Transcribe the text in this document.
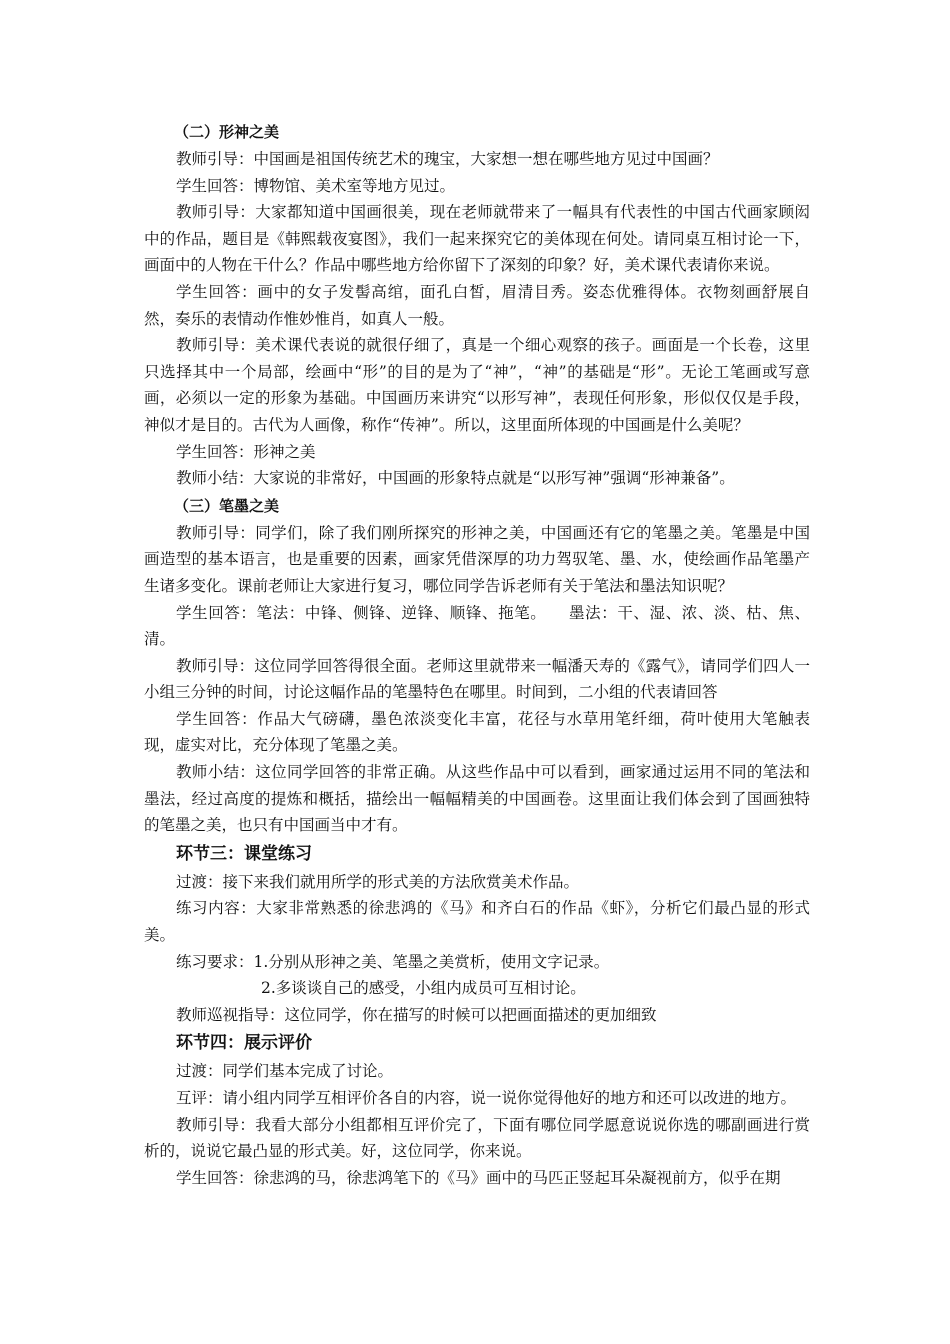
（二）形神之美

教师引导：中国画是祖国传统艺术的瑰宝，大家想一想在哪些地方见过中国画？

学生回答：博物馆、美术室等地方见过。

教师引导：大家都知道中国画很美，现在老师就带来了一幅具有代表性的中国古代画家顾闳中的作品，题目是《韩熙载夜宴图》，我们一起来探究它的美体现在何处。请同桌互相讨论一下，画面中的人物在干什么？作品中哪些地方给你留下了深刻的印象？好，美术课代表请你来说。

学生回答：画中的女子发髻高绾，面孔白皙，眉清目秀。姿态优雅得体。衣物刻画舒展自然，奏乐的表情动作惟妙惟肖，如真人一般。

教师引导：美术课代表说的就很仔细了，真是一个细心观察的孩子。画面是一个长卷，这里只选择其中一个局部，绘画中“形”的目的是为了“神”，“神”的基础是“形”。无论工笔画或写意画，必须以一定的形象为基础。中国画历来讲究“以形写神”，表现任何形象，形似仅仅是手段，神似才是目的。古代为人画像，称作“传神”。所以，这里面所体现的中国画是什么美呢？

学生回答：形神之美

教师小结：大家说的非常好，中国画的形象特点就是“以形写神”强调“形神兼备”。

（三）笔墨之美

教师引导：同学们，除了我们刚所探究的形神之美，中国画还有它的笔墨之美。笔墨是中国画造型的基本语言，也是重要的因素，画家凭借深厚的功力驾驭笔、墨、水，使绘画作品笔墨产生诸多变化。课前老师让大家进行复习，哪位同学告诉老师有关于笔法和墨法知识呢？

学生回答：笔法：中锋、侧锋、逆锋、顺锋、拖笔。 墨法：干、湿、浓、淡、枯、焦、清。

教师引导：这位同学回答得很全面。老师这里就带来一幅潘天寿的《露气》，请同学们四人一小组三分钟的时间，讨论这幅作品的笔墨特色在哪里。时间到，二小组的代表请回答

学生回答：作品大气磅礴，墨色浓淡变化丰富，花径与水草用笔纤细，荷叶使用大笔触表现，虚实对比，充分体现了笔墨之美。

教师小结：这位同学回答的非常正确。从这些作品中可以看到，画家通过运用不同的笔法和墨法，经过高度的提炼和概括，描绘出一幅幅精美的中国画卷。这里面让我们体会到了国画独特的笔墨之美，也只有中国画当中才有。

环节三：课堂练习

过渡：接下来我们就用所学的形式美的方法欣赏美术作品。

练习内容：大家非常熟悉的徐悲鸿的《马》和齐白石的作品《虾》，分析它们最凸显的形式美。

练习要求：1.分别从形神之美、笔墨之美赏析，使用文字记录。

2.多谈谈自己的感受，小组内成员可互相讨论。

教师巡视指导：这位同学，你在描写的时候可以把画面描述的更加细致

环节四：展示评价

过渡：同学们基本完成了讨论。

互评：请小组内同学互相评价各自的内容，说一说你觉得他好的地方和还可以改进的地方。

教师引导：我看大部分小组都相互评价完了，下面有哪位同学愿意说说你选的哪副画进行赏析的，说说它最凸显的形式美。好，这位同学，你来说。

学生回答：徐悲鸿的马，徐悲鸿笔下的《马》画中的马匹正竖起耳朵凝视前方，似乎在期
